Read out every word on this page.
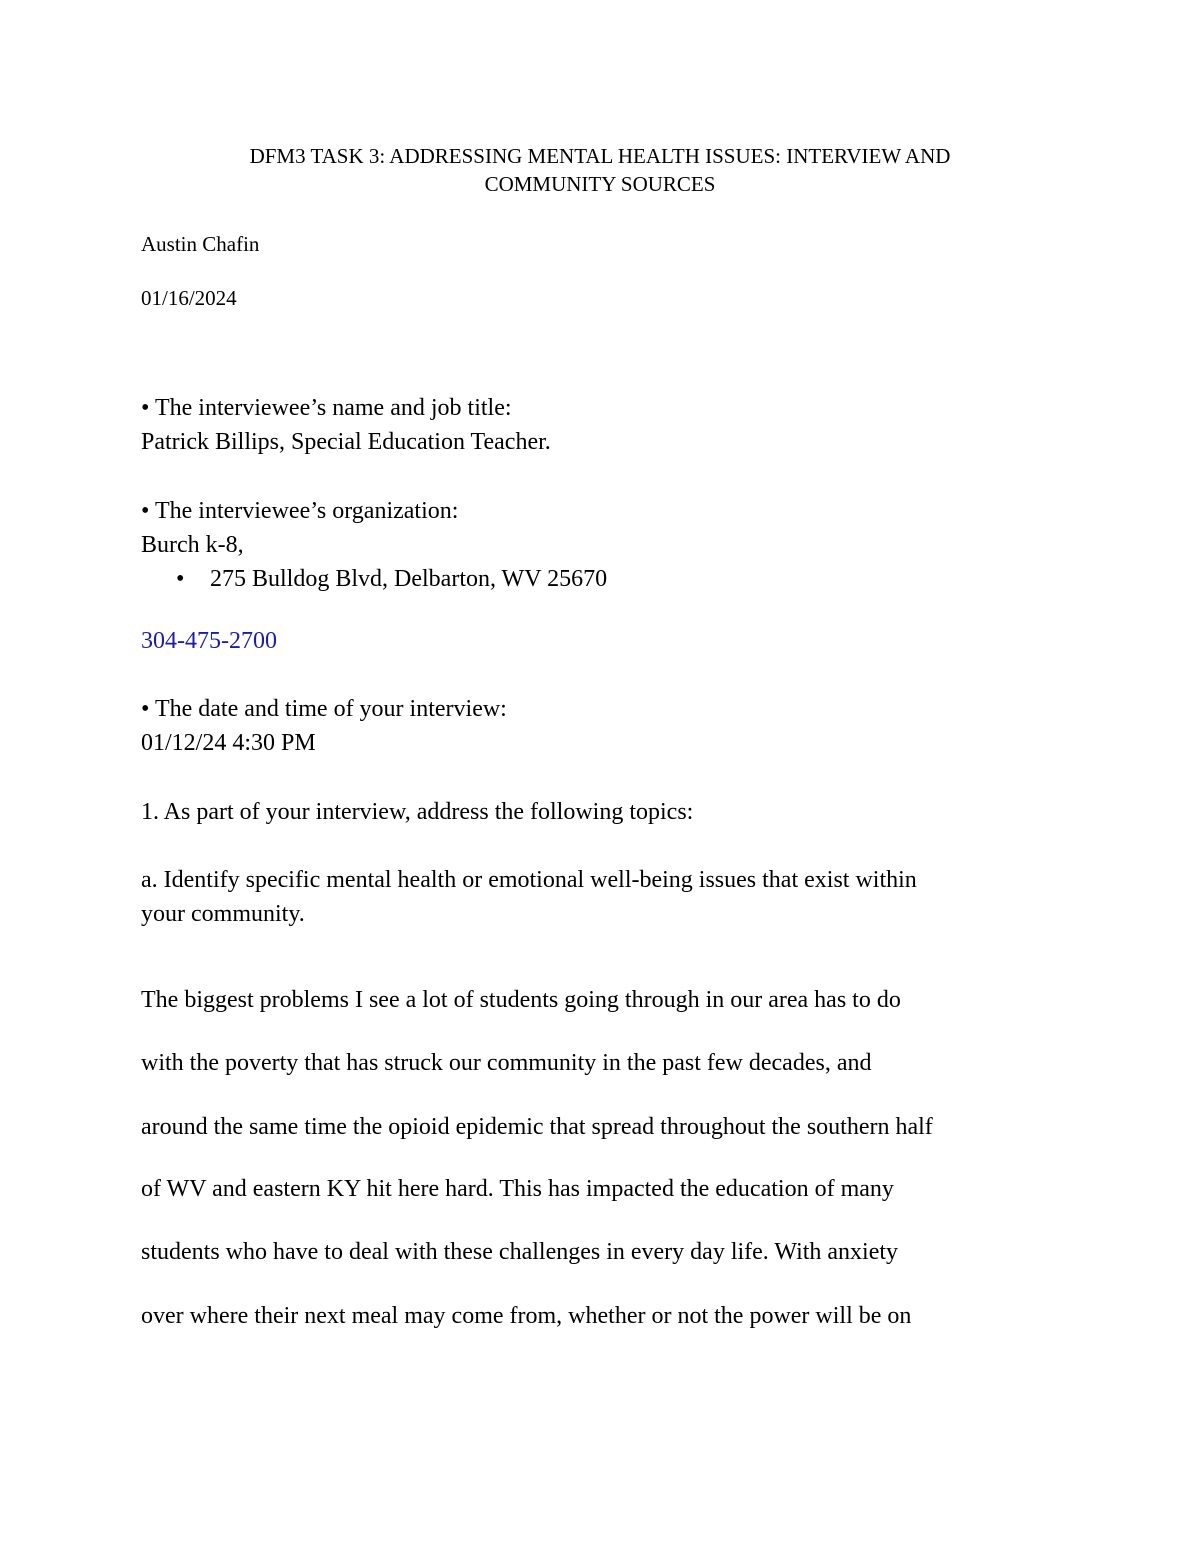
DFM3 TASK 3: ADDRESSING MENTAL HEALTH ISSUES: INTERVIEW AND

COMMUNITY SOURCES

Austin Chafin

01/16/2024

• The interviewee’s name and job title:

Patrick Billips, Special Education Teacher.

• The interviewee’s organization:

Burch k-8,

• 275 Bulldog Blvd, Delbarton, WV 25670

304-475-2700

• The date and time of your interview:

01/12/24 4:30 PM

1. As part of your interview, address the following topics:

a. Identify specific mental health or emotional well-being issues that exist within

your community.

The biggest problems I see a lot of students going through in our area has to do

with the poverty that has struck our community in the past few decades, and

around the same time the opioid epidemic that spread throughout the southern half

of WV and eastern KY hit here hard. This has impacted the education of many

students who have to deal with these challenges in every day life. With anxiety

over where their next meal may come from, whether or not the power will be on
